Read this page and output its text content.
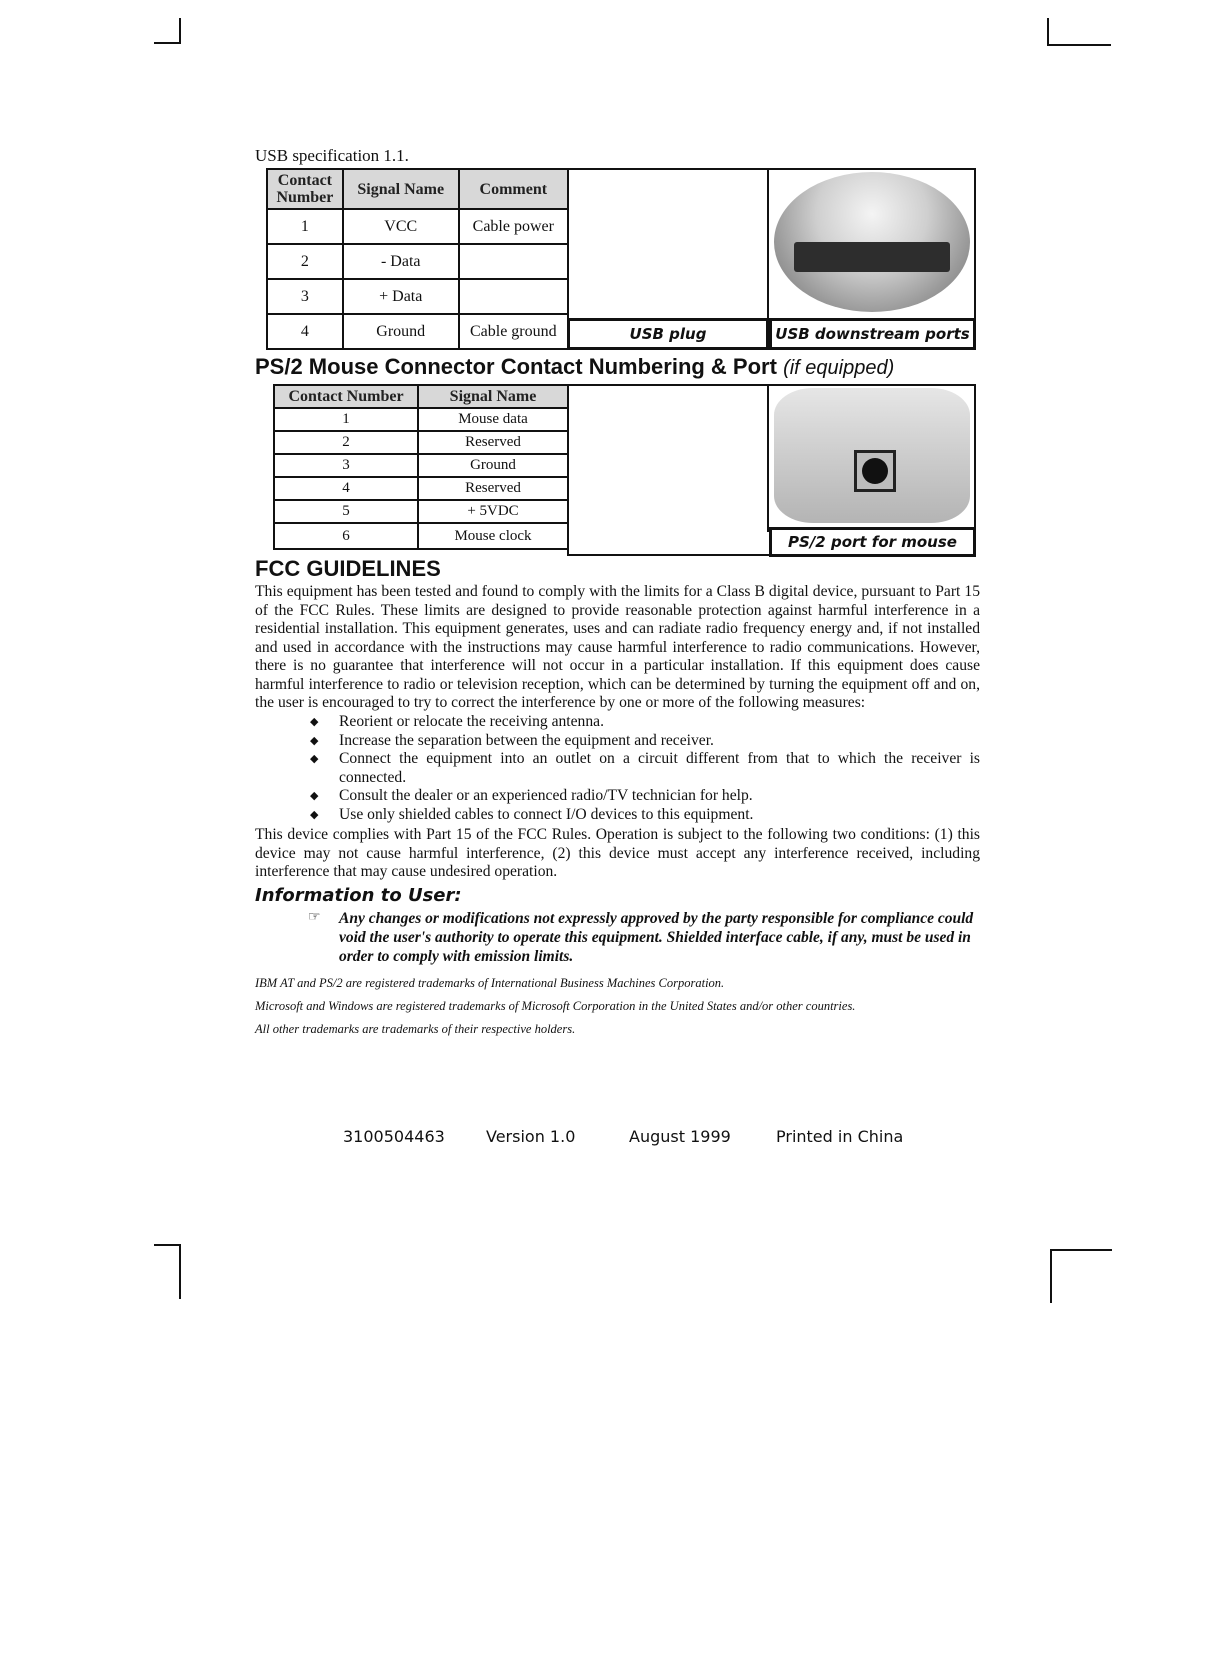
USB specification 1.1.
Contact Number	Signal Name	Comment
1	VCC	Cable power
2	- Data	
3	+ Data	
4	Ground	Cable ground	USB plug	USB downstream ports
PS/2 Mouse Connector Contact Numbering & Port (if equipped)
Contact Number	Signal Name
1	Mouse data
2	Reserved
3	Ground
4	Reserved
5	+ 5VDC
6	Mouse clock	PS/2 port for mouse
FCC GUIDELINES
This equipment has been tested and found to comply with the limits for a Class B digital device, pursuant to Part 15 of the FCC Rules. These limits are designed to provide reasonable protection against harmful interference in a residential installation. This equipment generates, uses and can radiate radio frequency energy and, if not installed and used in accordance with the instructions may cause harmful interference to radio communications. However, there is no guarantee that interference will not occur in a particular installation. If this equipment does cause harmful interference to radio or television reception, which can be determined by turning the equipment off and on, the user is encouraged to try to correct the interference by one or more of the following measures:
◆ Reorient or relocate the receiving antenna.
◆ Increase the separation between the equipment and receiver.
◆ Connect the equipment into an outlet on a circuit different from that to which the receiver is connected.
◆ Consult the dealer or an experienced radio/TV technician for help.
◆ Use only shielded cables to connect I/O devices to this equipment.
This device complies with Part 15 of the FCC Rules. Operation is subject to the following two conditions: (1) this device may not cause harmful interference, (2) this device must accept any interference received, including interference that may cause undesired operation.
Information to User:
☞ Any changes or modifications not expressly approved by the party responsible for compliance could void the user's authority to operate this equipment. Shielded interface cable, if any, must be used in order to comply with emission limits.
IBM AT and PS/2 are registered trademarks of International Business Machines Corporation.
Microsoft and Windows are registered trademarks of Microsoft Corporation in the United States and/or other countries.
All other trademarks are trademarks of their respective holders.
3100504463	Version 1.0	August 1999	Printed in China
